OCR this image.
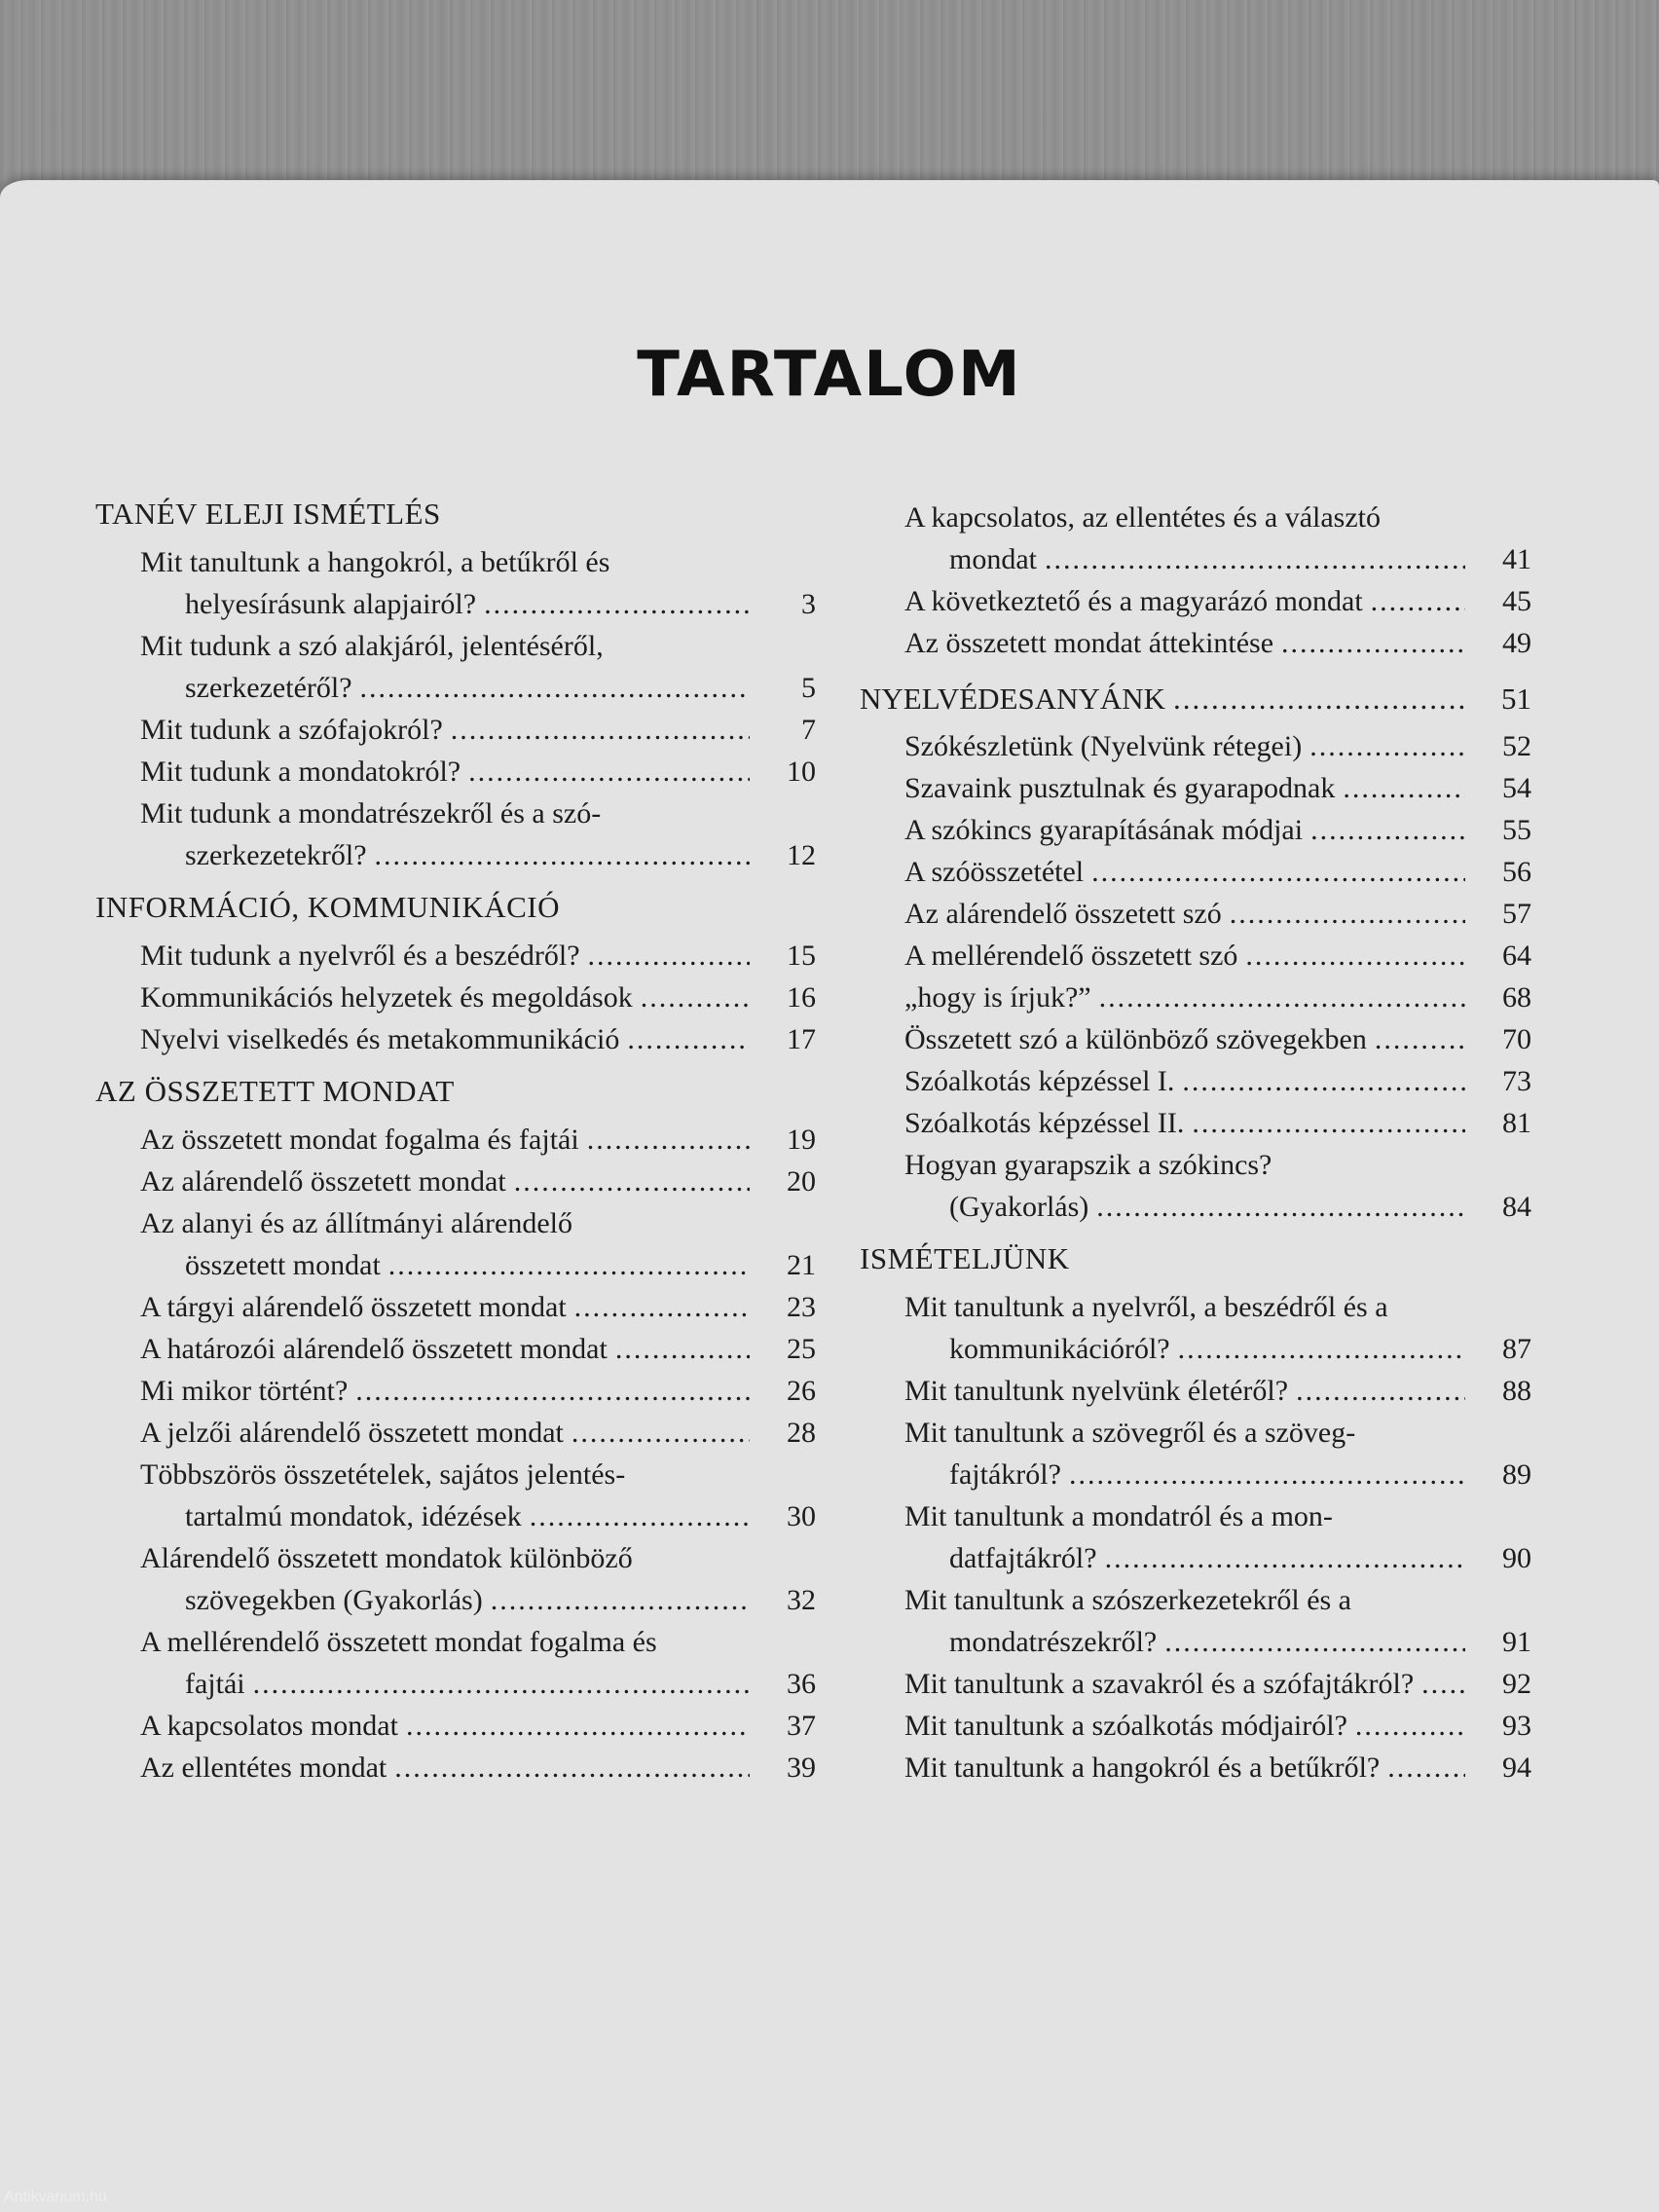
TARTALOM
TANÉV ELEJI ISMÉTLÉS
Mit tanultunk a hangokról, a betűkről és
helyesírásunk alapjairól? .....	3
Mit tudunk a szó alakjáról, jelentéséről,
szerkezetéről? .....	5
Mit tudunk a szófajokról? .....	7
Mit tudunk a mondatokról? .....	10
Mit tudunk a mondatrészekről és a szó-
szerkezetekről? .....	12
INFORMÁCIÓ, KOMMUNIKÁCIÓ
Mit tudunk a nyelvről és a beszédről? .....	15
Kommunikációs helyzetek és megoldások .....	16
Nyelvi viselkedés és metakommunikáció .....	17
AZ ÖSSZETETT MONDAT
Az összetett mondat fogalma és fajtái .....	19
Az alárendelő összetett mondat .....	20
Az alanyi és az állítmányi alárendelő
összetett mondat .....	21
A tárgyi alárendelő összetett mondat .....	23
A határozói alárendelő összetett mondat .....	25
Mi mikor történt? .....	26
A jelzői alárendelő összetett mondat .....	28
Többszörös összetételek, sajátos jelentés-
tartalmú mondatok, idézések .....	30
Alárendelő összetett mondatok különböző
szövegekben (Gyakorlás) .....	32
A mellérendelő összetett mondat fogalma és
fajtái .....	36
A kapcsolatos mondat .....	37
Az ellentétes mondat .....	39
A kapcsolatos, az ellentétes és a választó
mondat .....	41
A következtető és a magyarázó mondat .....	45
Az összetett mondat áttekintése .....	49
NYELVÉDESANYÁNK .....	51
Szókészletünk (Nyelvünk rétegei) .....	52
Szavaink pusztulnak és gyarapodnak .....	54
A szókincs gyarapításának módjai .....	55
A szóösszetétel .....	56
Az alárendelő összetett szó .....	57
A mellérendelő összetett szó .....	64
„hogy is írjuk?” .....	68
Összetett szó a különböző szövegekben .....	70
Szóalkotás képzéssel I. .....	73
Szóalkotás képzéssel II. .....	81
Hogyan gyarapszik a szókincs?
(Gyakorlás) .....	84
ISMÉTELJÜNK
Mit tanultunk a nyelvről, a beszédről és a
kommunikációról? .....	87
Mit tanultunk nyelvünk életéről? .....	88
Mit tanultunk a szövegről és a szöveg-
fajtákról? .....	89
Mit tanultunk a mondatról és a mon-
datfajtákról? .....	90
Mit tanultunk a szószerkezetekről és a
mondatrészekről? .....	91
Mit tanultunk a szavakról és a szófajtákról? .....	92
Mit tanultunk a szóalkotás módjairól? .....	93
Mit tanultunk a hangokról és a betűkről? .....	94
Antikvarium.hu
